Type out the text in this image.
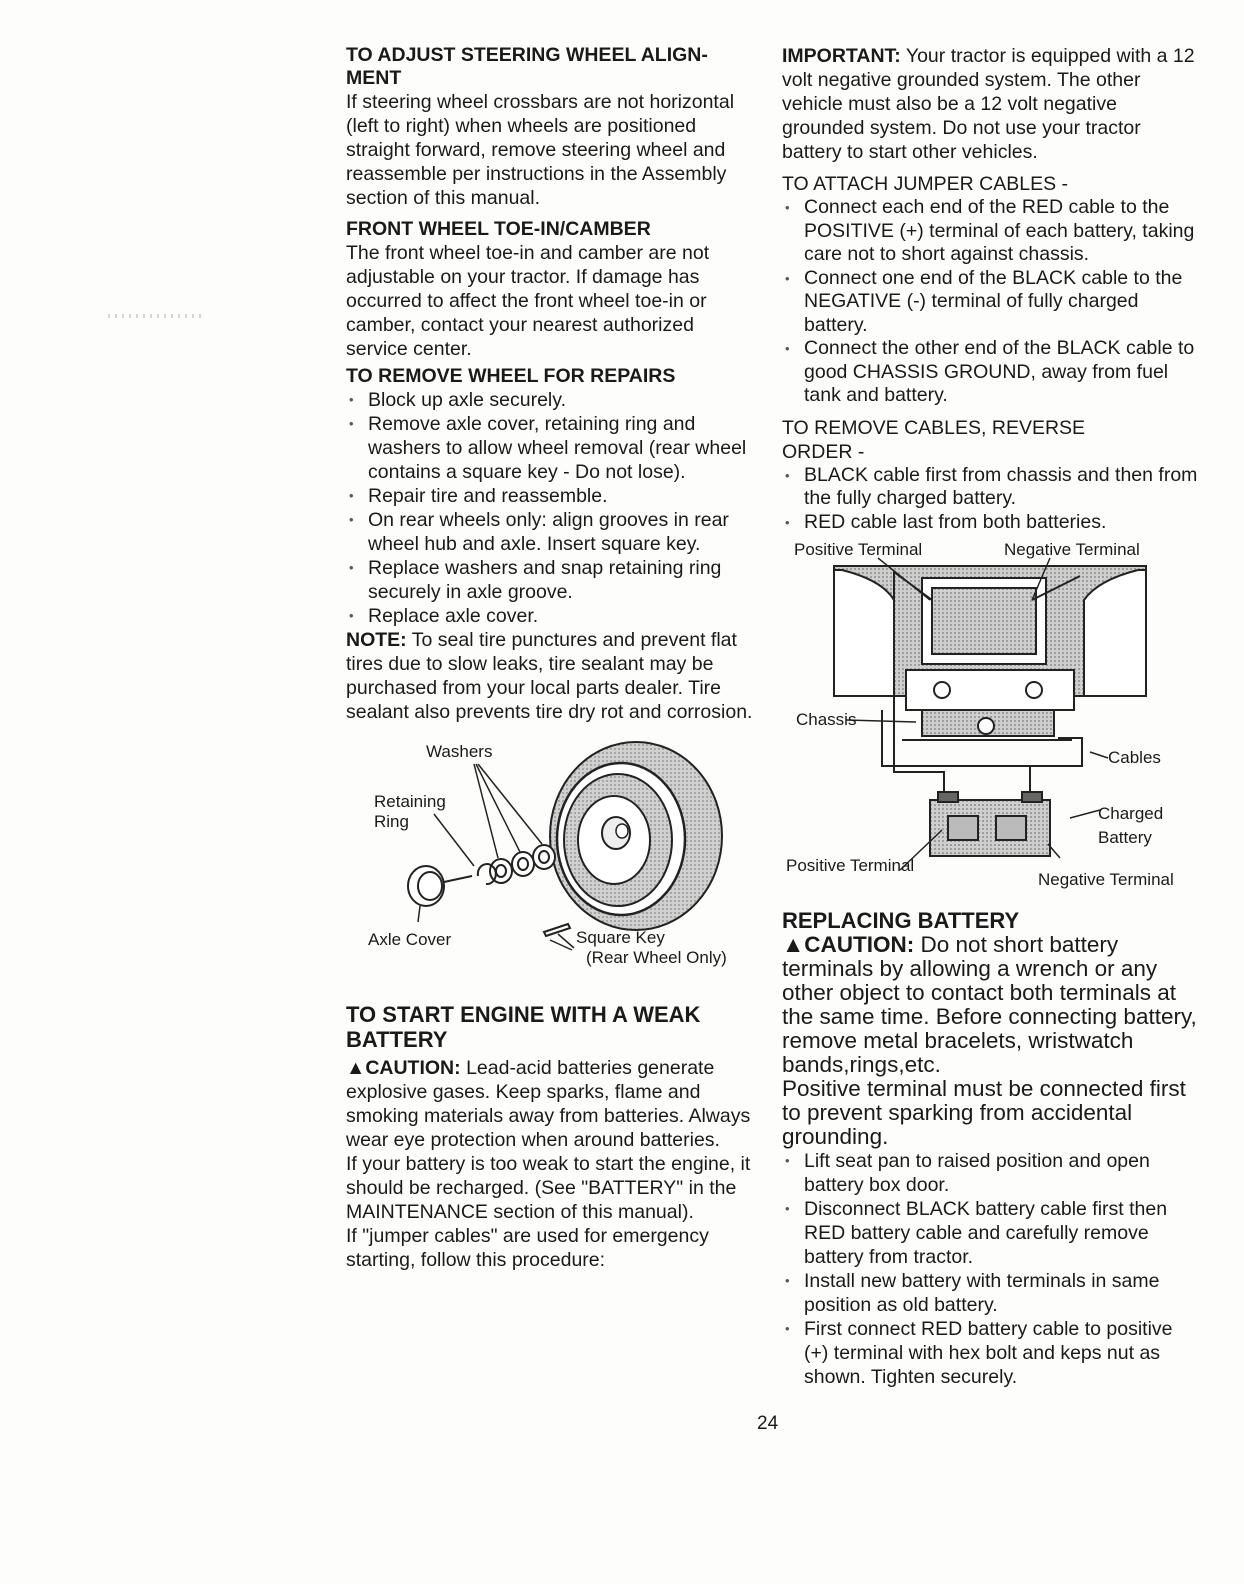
TO ADJUST STEERING WHEEL ALIGN-MENT

If steering wheel crossbars are not horizontal (left to right) when wheels are positioned straight forward, remove steering wheel and reassemble per instructions in the Assembly section of this manual.

FRONT WHEEL TOE-IN/CAMBER

The front wheel toe-in and camber are not adjustable on your tractor. If damage has occurred to affect the front wheel toe-in or camber, contact your nearest authorized service center.

TO REMOVE WHEEL FOR REPAIRS
• Block up axle securely.
• Remove axle cover, retaining ring and washers to allow wheel removal (rear wheel contains a square key - Do not lose).
• Repair tire and reassemble.
• On rear wheels only: align grooves in rear wheel hub and axle. Insert square key.
• Replace washers and snap retaining ring securely in axle groove.
• Replace axle cover.

NOTE: To seal tire punctures and prevent flat tires due to slow leaks, tire sealant may be purchased from your local parts dealer. Tire sealant also prevents tire dry rot and corrosion.

Washers
Retaining Ring
Axle Cover	Square Key
(Rear Wheel Only)
TO START ENGINE WITH A WEAK BATTERY

▲CAUTION: Lead-acid batteries generate explosive gases. Keep sparks, flame and smoking materials away from batteries. Always wear eye protection when around batteries.

If your battery is too weak to start the engine, it should be recharged. (See "BATTERY" in the MAINTENANCE section of this manual).

If "jumper cables" are used for emergency starting, follow this procedure:

IMPORTANT: Your tractor is equipped with a 12 volt negative grounded system. The other vehicle must also be a 12 volt negative grounded system. Do not use your tractor battery to start other vehicles.

TO ATTACH JUMPER CABLES -
• Connect each end of the RED cable to the POSITIVE (+) terminal of each battery, taking care not to short against chassis.
• Connect one end of the BLACK cable to the NEGATIVE (-) terminal of fully charged battery.
• Connect the other end of the BLACK cable to good CHASSIS GROUND, away from fuel tank and battery.
TO REMOVE CABLES, REVERSE ORDER -
• BLACK cable first from chassis and then from the fully charged battery.
• RED cable last from both batteries.
Positive Terminal	Negative Terminal
Chassis
Cables
Charged
Battery
Positive Terminal
Negative Terminal
REPLACING BATTERY

▲CAUTION: Do not short battery terminals by allowing a wrench or any other object to contact both terminals at the same time. Before connecting battery, remove metal bracelets, wristwatch bands,rings,etc.

Positive terminal must be connected first to prevent sparking from accidental grounding.

• Lift seat pan to raised position and open battery box door.
• Disconnect BLACK battery cable first then RED battery cable and carefully remove battery from tractor.
• Install new battery with terminals in same position as old battery.
• First connect RED battery cable to positive (+) terminal with hex bolt and keps nut as shown. Tighten securely.
24
